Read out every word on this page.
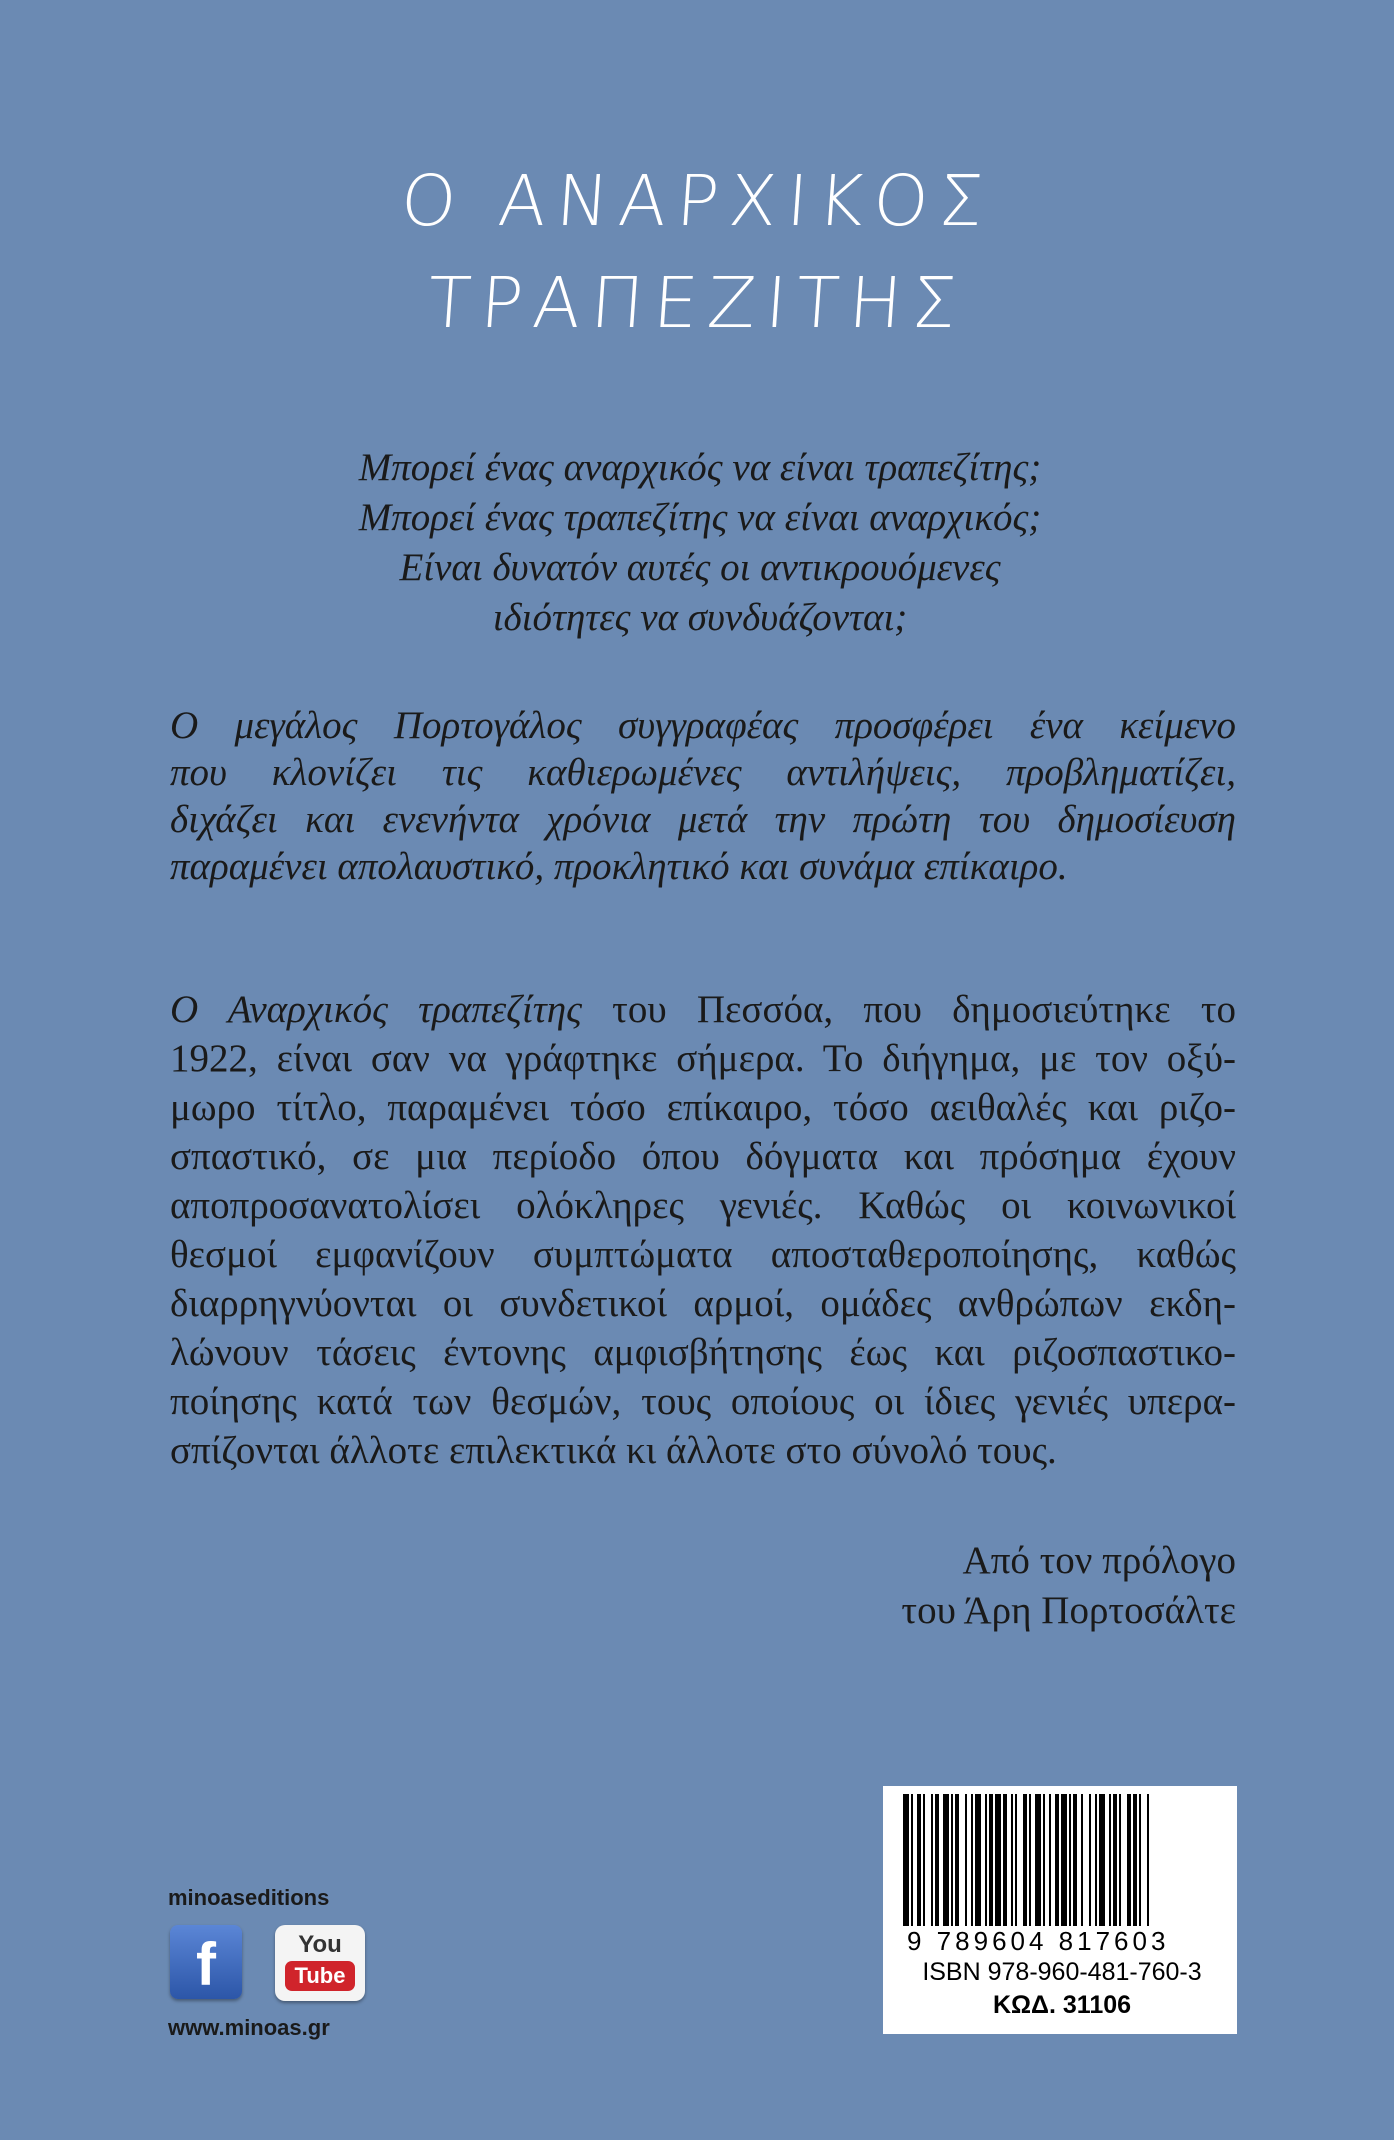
Ο ΑΝΑΡΧΙΚΟΣ
ΤΡΑΠΕΖΙΤΗΣ
Μπορεί ένας αναρχικός να είναι τραπεζίτης;
Μπορεί ένας τραπεζίτης να είναι αναρχικός;
Είναι δυνατόν αυτές οι αντικρουόμενες
ιδιότητες να συνδυάζονται;
Ο μεγάλος Πορτογάλος συγγραφέας προσφέρει ένα κείμενο
που κλονίζει τις καθιερωμένες αντιλήψεις, προβληματίζει,
διχάζει και ενενήντα χρόνια μετά την πρώτη του δημοσίευση
παραμένει απολαυστικό, προκλητικό και συνάμα επίκαιρο.
Ο Αναρχικός τραπεζίτης του Πεσσόα, που δημοσιεύτηκε το
1922, είναι σαν να γράφτηκε σήμερα. Το διήγημα, με τον οξύ-
μωρο τίτλο, παραμένει τόσο επίκαιρο, τόσο αειθαλές και ριζο-
σπαστικό, σε μια περίοδο όπου δόγματα και πρόσημα έχουν
αποπροσανατολίσει ολόκληρες γενιές. Καθώς οι κοινωνικοί
θεσμοί εμφανίζουν συμπτώματα αποσταθεροποίησης, καθώς
διαρρηγνύονται οι συνδετικοί αρμοί, ομάδες ανθρώπων εκδη-
λώνουν τάσεις έντονης αμφισβήτησης έως και ριζοσπαστικο-
ποίησης κατά των θεσμών, τους οποίους οι ίδιες γενιές υπερα-
σπίζονται άλλοτε επιλεκτικά κι άλλοτε στο σύνολό τους.
Από τον πρόλογο
του Άρη Πορτοσάλτε
minoaseditions
f	You
Tube
www.minoas.gr
9 789604 817603
ISBN 978-960-481-760-3
ΚΩΔ. 31106
